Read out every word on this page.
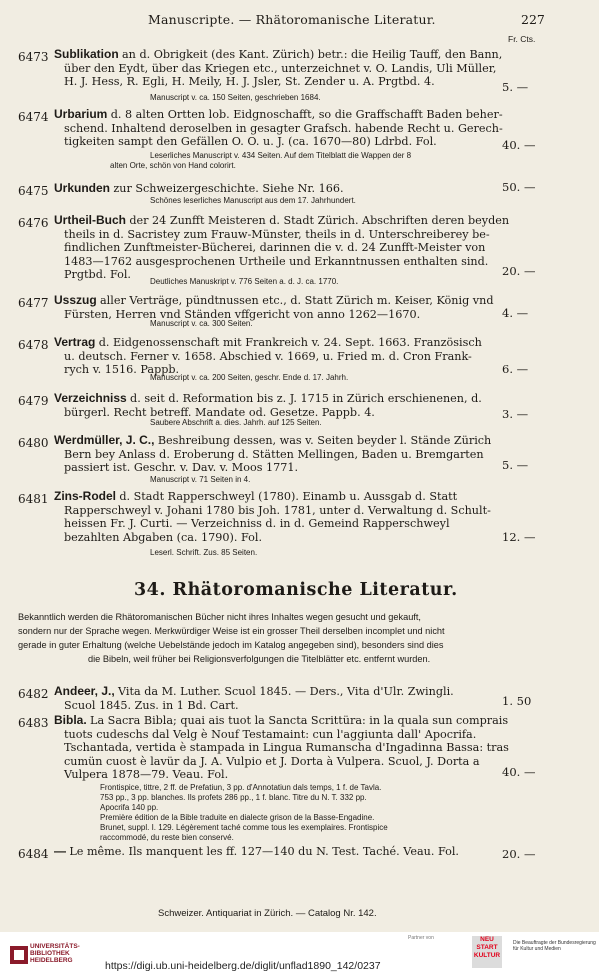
Manuscripte. — Rhätoromanische Literatur.	227
Fr. Cts.
6473 Sublikation an d. Obrigkeit (des Kant. Zürich) betr.: die Heilig Tauff, den Bann,
über den Eydt, über das Kriegen etc., unterzeichnet v. O. Landis, Uli Müller,
H. J. Hess, R. Egli, H. Meily, H. J. Jsler, St. Zender u. A. Prgtbd. 4.
Manuscript v. ca. 150 Seiten, geschrieben 1684.
5. —
6474 Urbarium d. 8 alten Ortten lob. Eidgnoschafft, so die Graffschafft Baden beher-
schend. Inhaltend deroselben in gesagter Grafsch. habende Recht u. Gerech-
tigkeiten sampt den Gefällen O. O. u. J. (ca. 1670—80) Ldrbd. Fol.
Leserliches Manuscript v. 434 Seiten. Auf dem Titelblatt die Wappen der 8
alten Orte, schön von Hand colorirt.
40. —
6475 Urkunden zur Schweizergeschichte. Siehe Nr. 166.
Schönes leserliches Manuscript aus dem 17. Jahrhundert.
50. —
6476 Urtheil-Buch der 24 Zunfft Meisteren d. Stadt Zürich. Abschriften deren beyden
theils in d. Sacristey zum Frauw-Münster, theils in d. Unterschreiberey be-
findlichen Zunftmeister-Bücherei, darinnen die v. d. 24 Zunfft-Meister von
1483—1762 ausgesprochenen Urtheile und Erkanntnussen enthalten sind.
Prgtbd. Fol.
Deutliches Manuskript v. 776 Seiten a. d. J. ca. 1770.
20. —
6477 Usszug aller Verträge, pündtnussen etc., d. Statt Zürich m. Keiser, König vnd
Fürsten, Herren vnd Ständen vffgericht von anno 1262—1670.
Manuscript v. ca. 300 Seiten.
4. —
6478 Vertrag d. Eidgenossenschaft mit Frankreich v. 24. Sept. 1663. Französisch
u. deutsch. Ferner v. 1658. Abschied v. 1669, u. Fried m. d. Cron Frank-
rych v. 1516. Pappb.
Manuscript v. ca. 200 Seiten, geschr. Ende d. 17. Jahrh.
6. —
6479 Verzeichniss d. seit d. Reformation bis z. J. 1715 in Zürich erschienenen, d.
bürgerl. Recht betreff. Mandate od. Gesetze. Pappb. 4.
Saubere Abschrift a. dies. Jahrh. auf 125 Seiten.
3. —
6480 Werdmüller, J. C., Beshreibung dessen, was v. Seiten beyder l. Stände Zürich
Bern bey Anlass d. Eroberung d. Stätten Mellingen, Baden u. Bremgarten
passiert ist. Geschr. v. Dav. v. Moos 1771.
Manuscript v. 71 Seiten in 4.
5. —
6481 Zins-Rodel d. Stadt Rapperschweyl (1780). Einamb u. Aussgab d. Statt
Rapperschweyl v. Johani 1780 bis Joh. 1781, unter d. Verwaltung d. Schult-
heissen Fr. J. Curti. — Verzeichniss d. in d. Gemeind Rapperschweyl
bezahlten Abgaben (ca. 1790). Fol.
Leserl. Schrift. Zus. 85 Seiten.
12. —
34. Rhätoromanische Literatur.
Bekanntlich werden die Rhätoromanischen Bücher nicht ihres Inhaltes wegen gesucht und gekauft,
sondern nur der Sprache wegen. Merkwürdiger Weise ist ein grosser Theil derselben incomplet und nicht
gerade in guter Erhaltung (welche Uebelstände jedoch im Katalog angegeben sind), besonders sind dies
die Bibeln, weil früher bei Religionsverfolgungen die Titelblätter etc. entfernt wurden.
6482 Andeer, J., Vita da M. Luther. Scuol 1845. — Ders., Vita d'Ulr. Zwingli.
Scuol 1845. Zus. in 1 Bd. Cart.	1. 50
6483 Bibla. La Sacra Bibla; quai ais tuot la Sancta Scrittüra: in la quala sun comprais
tuots cudeschs dal Velg è Nouf Testamaint: cun l'aggiunta dall' Apocrifa.
Tschantada, vertida è stampada in Lingua Rumanscha d'Ingadinna Bassa: tras
cumün cuost è lavür da J. A. Vulpio et J. Dorta à Vulpera. Scuol, J. Dorta a
Vulpera 1878—79. Veau. Fol.
Frontispice, tittre, 2 ff. de Prefatiun, 3 pp. d'Annotatiun dals temps, 1 f. de Tavla.
753 pp., 3 pp. blanches. Ils profets 286 pp., 1 f. blanc. Titre du N. T. 332 pp.
Apocrifa 140 pp.
Première édition de la Bible traduite en dialecte grison de la Basse-Engadine.
Brunet, suppl. I. 129. Légèrement taché comme tous les exemplaires. Frontispice
raccommodé, du reste bien conservé.
40. —
6484 — Le même. Ils manquent les ff. 127—140 du N. Test. Taché. Veau. Fol.	20. —
Schweizer. Antiquariat in Zürich. — Catalog Nr. 142.
UNIVERSITÄTS-
BIBLIOTHEK
HEIDELBERG
Partner von	NEU
START
KULTUR
Die Beauftragte der Bundesregierung
für Kultur und Medien
https://digi.ub.uni-heidelberg.de/diglit/unflad1890_142/0237
